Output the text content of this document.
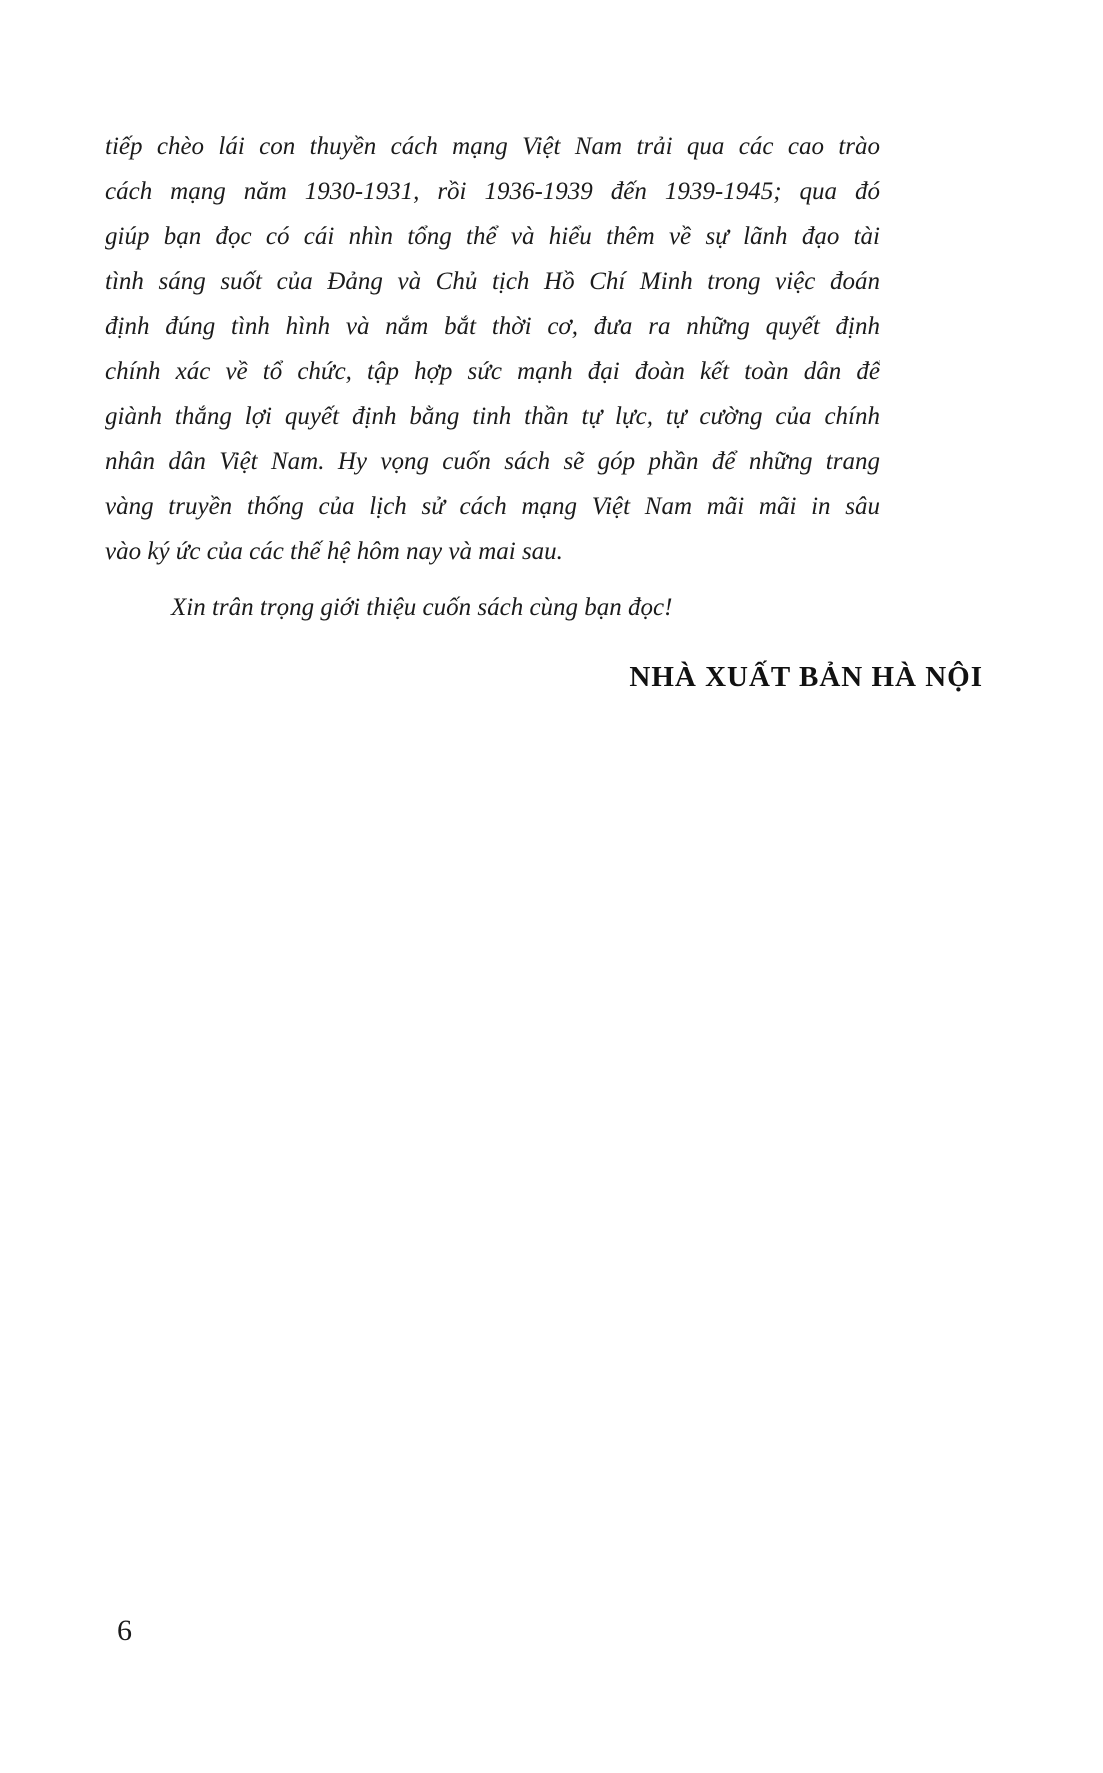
tiếp chèo lái con thuyền cách mạng Việt Nam trải qua các cao trào
cách mạng năm 1930-1931, rồi 1936-1939 đến 1939-1945; qua đó
giúp bạn đọc có cái nhìn tổng thể và hiểu thêm về sự lãnh đạo tài
tình sáng suốt của Đảng và Chủ tịch Hồ Chí Minh trong việc đoán
định đúng tình hình và nắm bắt thời cơ, đưa ra những quyết định
chính xác về tổ chức, tập hợp sức mạnh đại đoàn kết toàn dân để
giành thắng lợi quyết định bằng tinh thần tự lực, tự cường của chính
nhân dân Việt Nam. Hy vọng cuốn sách sẽ góp phần để những trang
vàng truyền thống của lịch sử cách mạng Việt Nam mãi mãi in sâu
vào ký ức của các thế hệ hôm nay và mai sau.
Xin trân trọng giới thiệu cuốn sách cùng bạn đọc!
NHÀ XUẤT BẢN HÀ NỘI
6
